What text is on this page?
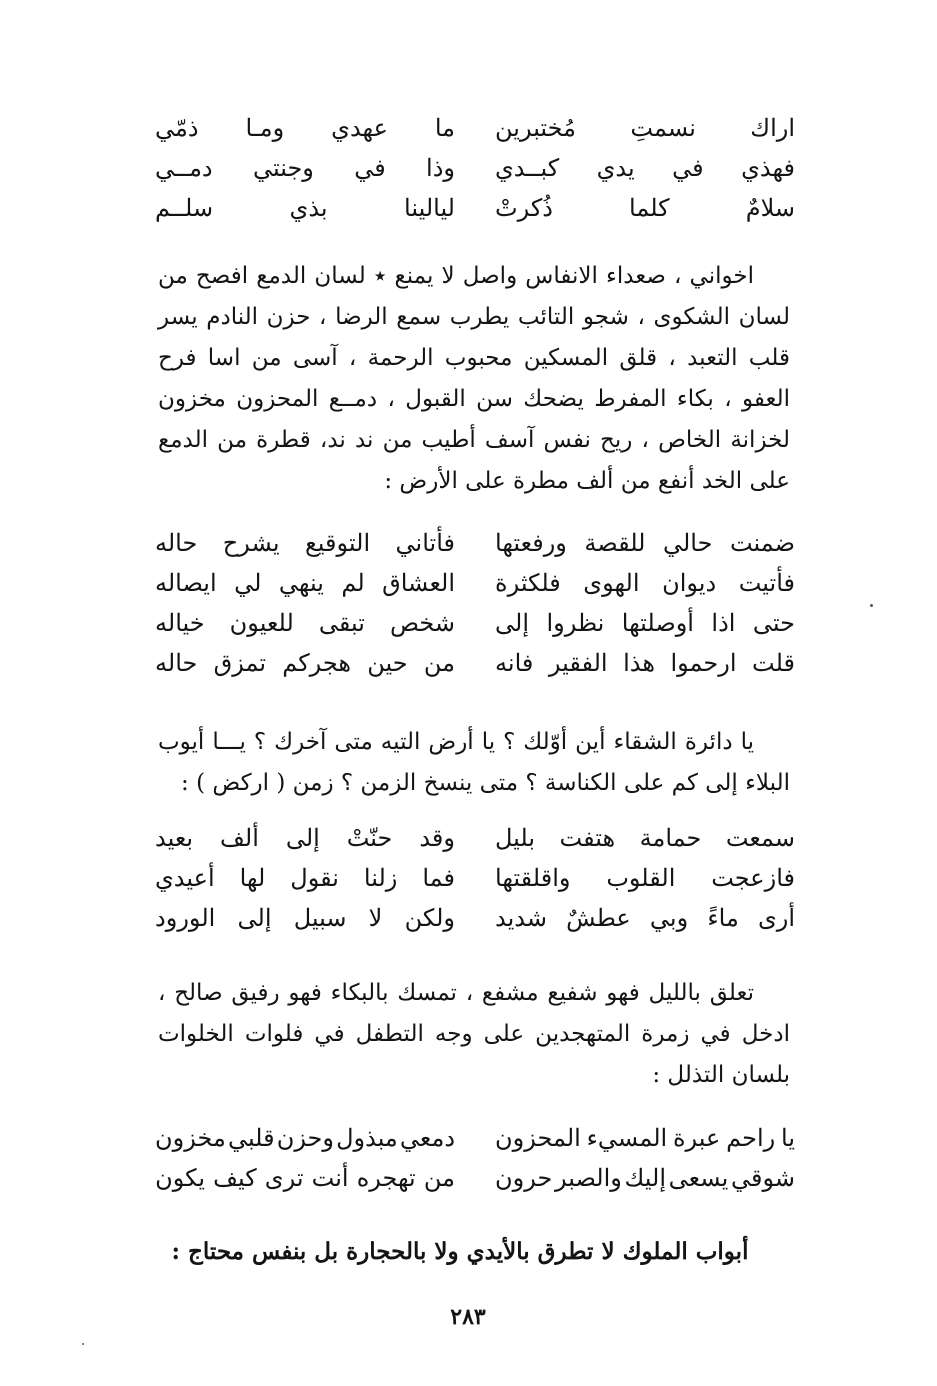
اراك
نسمتِ
مُختبرين
ما
عهدي
ومـا
ذمّي
فهذي
في
يدي
كبــدي
وذا
في
وجنتي
دمــي
سلامٌ
كلما
ذُكرتْ
ليالينا
بذي
سلــم
اخواني ، صعداء الانفاس واصل لا يمنع ٭ لسان الدمع افصح من لسان الشكوى ، شجو التائب يطرب سمع الرضا ، حزن النادم يسر قلب التعبد ، قلق المسكين محبوب الرحمة ، آسى من اسا فرح العفو ، بكاء المفرط يضحك سن القبول ، دمــع المحزون مخزون لخزانة الخاص ، ريح نفس آسف أطيب من ند ند، قطرة من الدمع على الخد أنفع من ألف مطرة على الأرض :
ضمنت
حالي
للقصة
ورفعتها
فأتاني
التوقيع
يشرح
حاله
فأتيت
ديوان
الهوى
فلكثرة
العشاق
لم
ينهي
لي
ايصاله
حتى
اذا
أوصلتها
نظروا
إلى
شخص
تبقى
للعيون
خياله
قلت
ارحموا
هذا
الفقير
فانه
من
حين
هجركم
تمزق
حاله
يا دائرة الشقاء أين أوّلك ؟ يا أرض التيه متى آخرك ؟ يـــا أيوب البلاء إلى كم على الكناسة ؟ متى ينسخ الزمن ؟ زمن ( اركض ) :
سمعت
حمامة
هتفت
بليل
وقد
حنّتْ
إلى
ألف
بعيد
فازعجت
القلوب
واقلقتها
فما
زلنا
نقول
لها
أعيدي
أرى
ماءً
وبي
عطشٌ
شديد
ولكن
لا
سبيل
إلى
الورود
تعلق بالليل فهو شفيع مشفع ، تمسك بالبكاء فهو رفيق صالح ، ادخل في زمرة المتهجدين على وجه التطفل في فلوات الخلوات بلسان التذلل :
يا
راحم
عبرة
المسيء
المحزون
دمعي
مبذول
وحزن
قلبي
مخزون
شوقي
يسعى
إليك
والصبر
حرون
من
تهجره
أنت
ترى
كيف
يكون
أبواب الملوك لا تطرق بالأيدي ولا بالحجارة بل بنفس محتاج :
٢٨٣
